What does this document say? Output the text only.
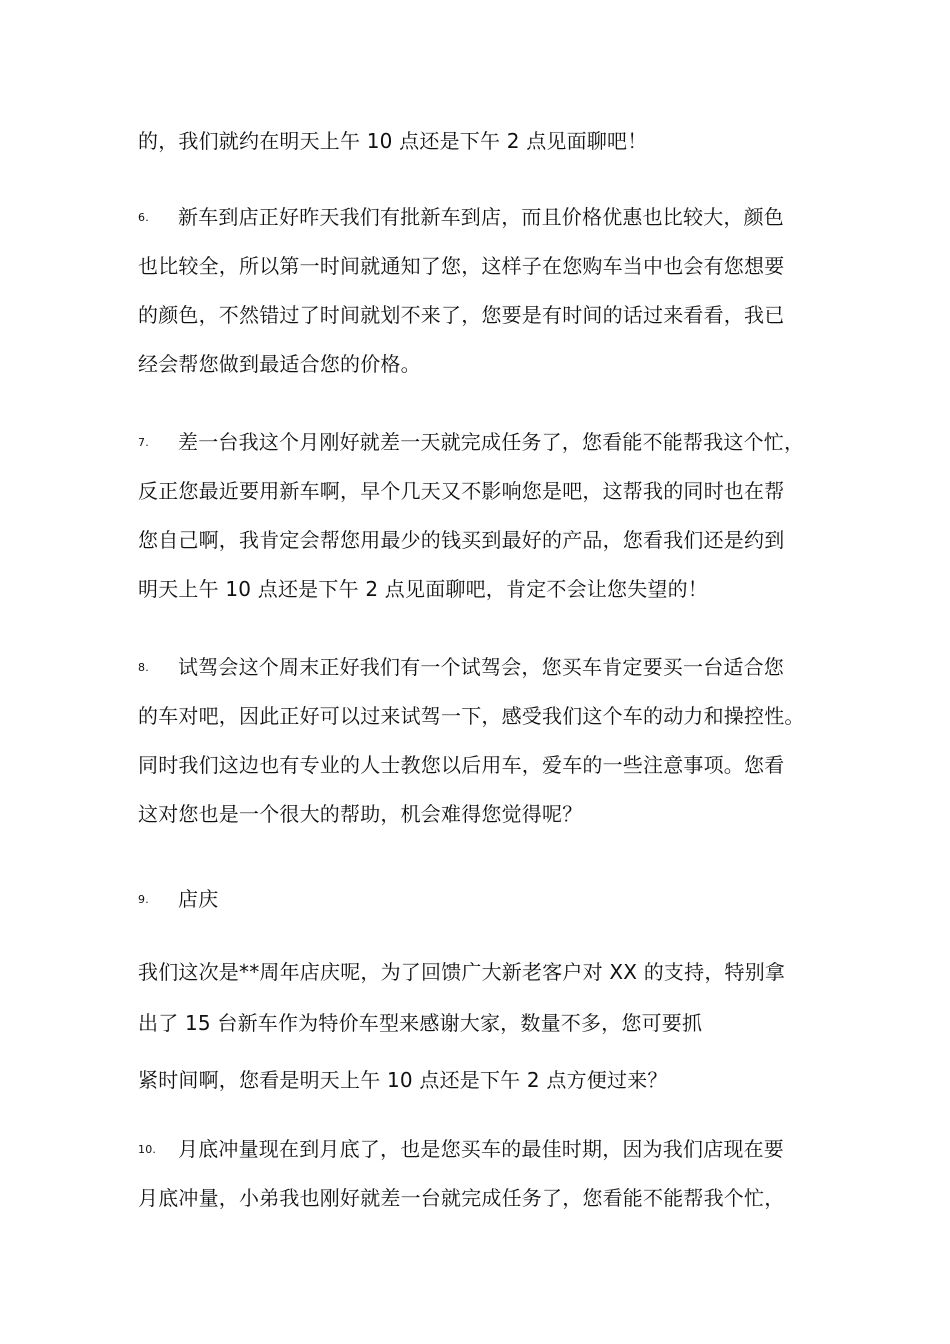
的，我们就约在明天上午 10 点还是下午 2 点见面聊吧！
6. 新车到店正好昨天我们有批新车到店，而且价格优惠也比较大，颜色
也比较全，所以第一时间就通知了您，这样子在您购车当中也会有您想要
的颜色，不然错过了时间就划不来了，您要是有时间的话过来看看，我已
经会帮您做到最适合您的价格。
7. 差一台我这个月刚好就差一天就完成任务了，您看能不能帮我这个忙，
反正您最近要用新车啊，早个几天又不影响您是吧，这帮我的同时也在帮
您自己啊，我肯定会帮您用最少的钱买到最好的产品，您看我们还是约到
明天上午 10 点还是下午 2 点见面聊吧，肯定不会让您失望的！
8. 试驾会这个周末正好我们有一个试驾会，您买车肯定要买一台适合您
的车对吧，因此正好可以过来试驾一下，感受我们这个车的动力和操控性。
同时我们这边也有专业的人士教您以后用车，爱车的一些注意事项。您看
这对您也是一个很大的帮助，机会难得您觉得呢？
9. 店庆
我们这次是**周年店庆呢，为了回馈广大新老客户对 XX 的支持，特别拿
出了 15 台新车作为特价车型来感谢大家，数量不多，您可要抓
紧时间啊，您看是明天上午 10 点还是下午 2 点方便过来？
10. 月底冲量现在到月底了，也是您买车的最佳时期，因为我们店现在要
月底冲量，小弟我也刚好就差一台就完成任务了，您看能不能帮我个忙，
